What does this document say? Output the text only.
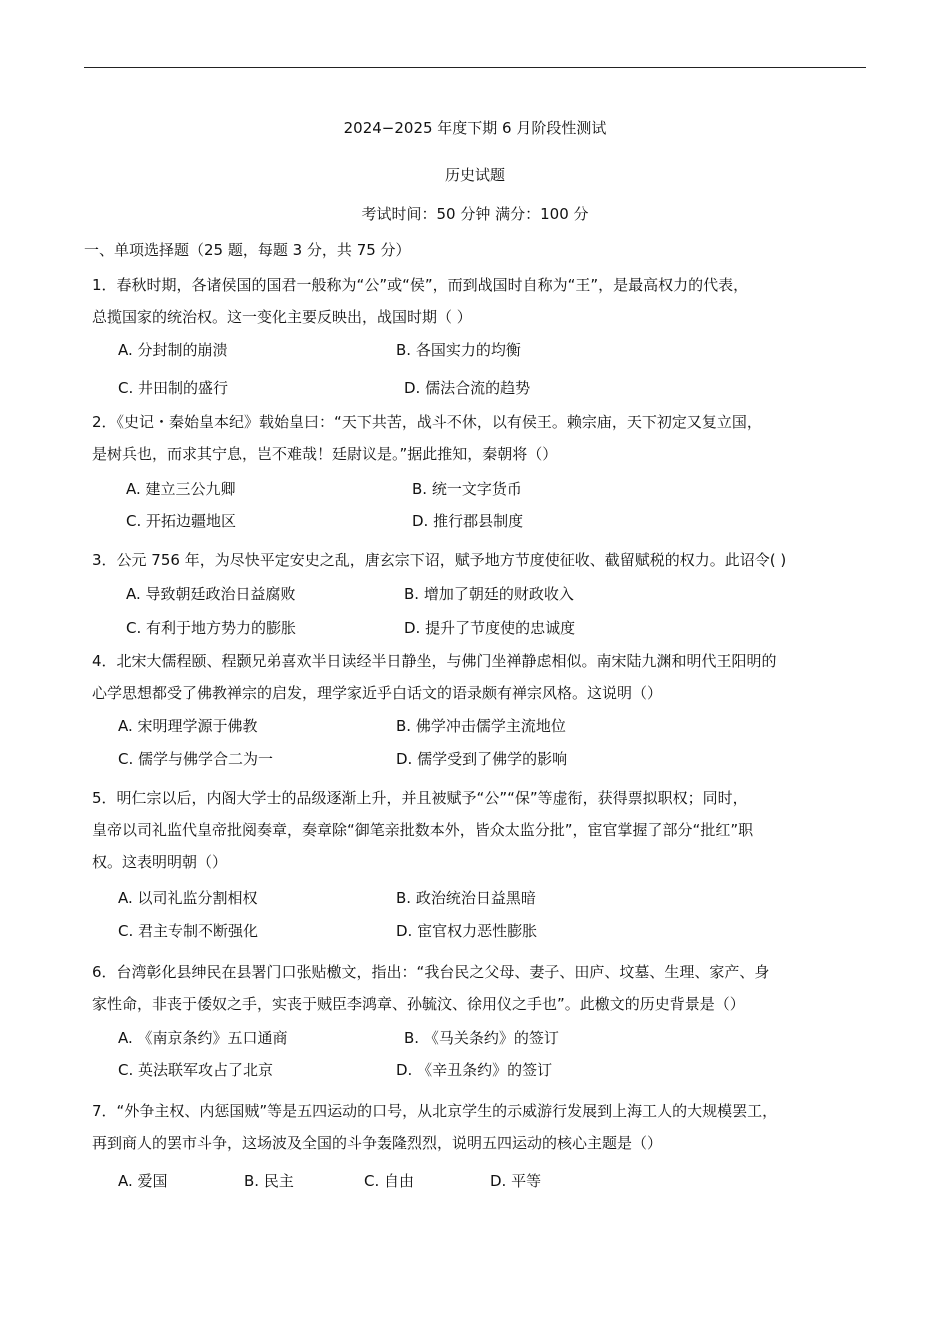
2024−2025 年度下期 6 月阶段性测试
历史试题
考试时间：50 分钟 满分：100 分
一、单项选择题（25 题，每题 3 分，共 75 分）
1．春秋时期，各诸侯国的国君一般称为“公”或“侯”，而到战国时自称为“王”，是最高权力的代表，
总揽国家的统治权。这一变化主要反映出，战国时期（ ）
A. 分封制的崩溃	B. 各国实力的均衡
C. 井田制的盛行	D. 儒法合流的趋势
2．《史记・秦始皇本纪》载始皇曰：“天下共苦，战斗不休，以有侯王。赖宗庙，天下初定又复立国，
是树兵也，而求其宁息，岂不难哉！廷尉议是。”据此推知，秦朝将（）
A. 建立三公九卿	B. 统一文字货币
C. 开拓边疆地区	D. 推行郡县制度
3．公元 756 年，为尽快平定安史之乱，唐玄宗下诏，赋予地方节度使征收、截留赋税的权力。此诏令( )
A. 导致朝廷政治日益腐败	B. 增加了朝廷的财政收入
C. 有利于地方势力的膨胀	D. 提升了节度使的忠诚度
4．北宋大儒程颐、程颢兄弟喜欢半日读经半日静坐，与佛门坐禅静虑相似。南宋陆九渊和明代王阳明的
心学思想都受了佛教禅宗的启发，理学家近乎白话文的语录颇有禅宗风格。这说明（）
A. 宋明理学源于佛教	B. 佛学冲击儒学主流地位
C. 儒学与佛学合二为一	D. 儒学受到了佛学的影响
5．明仁宗以后，内阁大学士的品级逐渐上升，并且被赋予“公”“保”等虚衔，获得票拟职权；同时，
皇帝以司礼监代皇帝批阅奏章，奏章除“御笔亲批数本外，皆众太监分批”，宦官掌握了部分“批红”职
权。这表明明朝（）
A. 以司礼监分割相权	B. 政治统治日益黑暗
C. 君主专制不断强化	D. 宦官权力恶性膨胀
6．台湾彰化县绅民在县署门口张贴檄文，指出：“我台民之父母、妻子、田庐、坟墓、生理、家产、身
家性命，非丧于倭奴之手，实丧于贼臣李鸿章、孙毓汶、徐用仪之手也”。此檄文的历史背景是（）
A. 《南京条约》五口通商	B. 《马关条约》的签订
C. 英法联军攻占了北京	D. 《辛丑条约》的签订
7．“外争主权、内惩国贼”等是五四运动的口号，从北京学生的示威游行发展到上海工人的大规模罢工，
再到商人的罢市斗争，这场波及全国的斗争轰隆烈烈，说明五四运动的核心主题是（）
A. 爱国	B. 民主	C. 自由	D. 平等
